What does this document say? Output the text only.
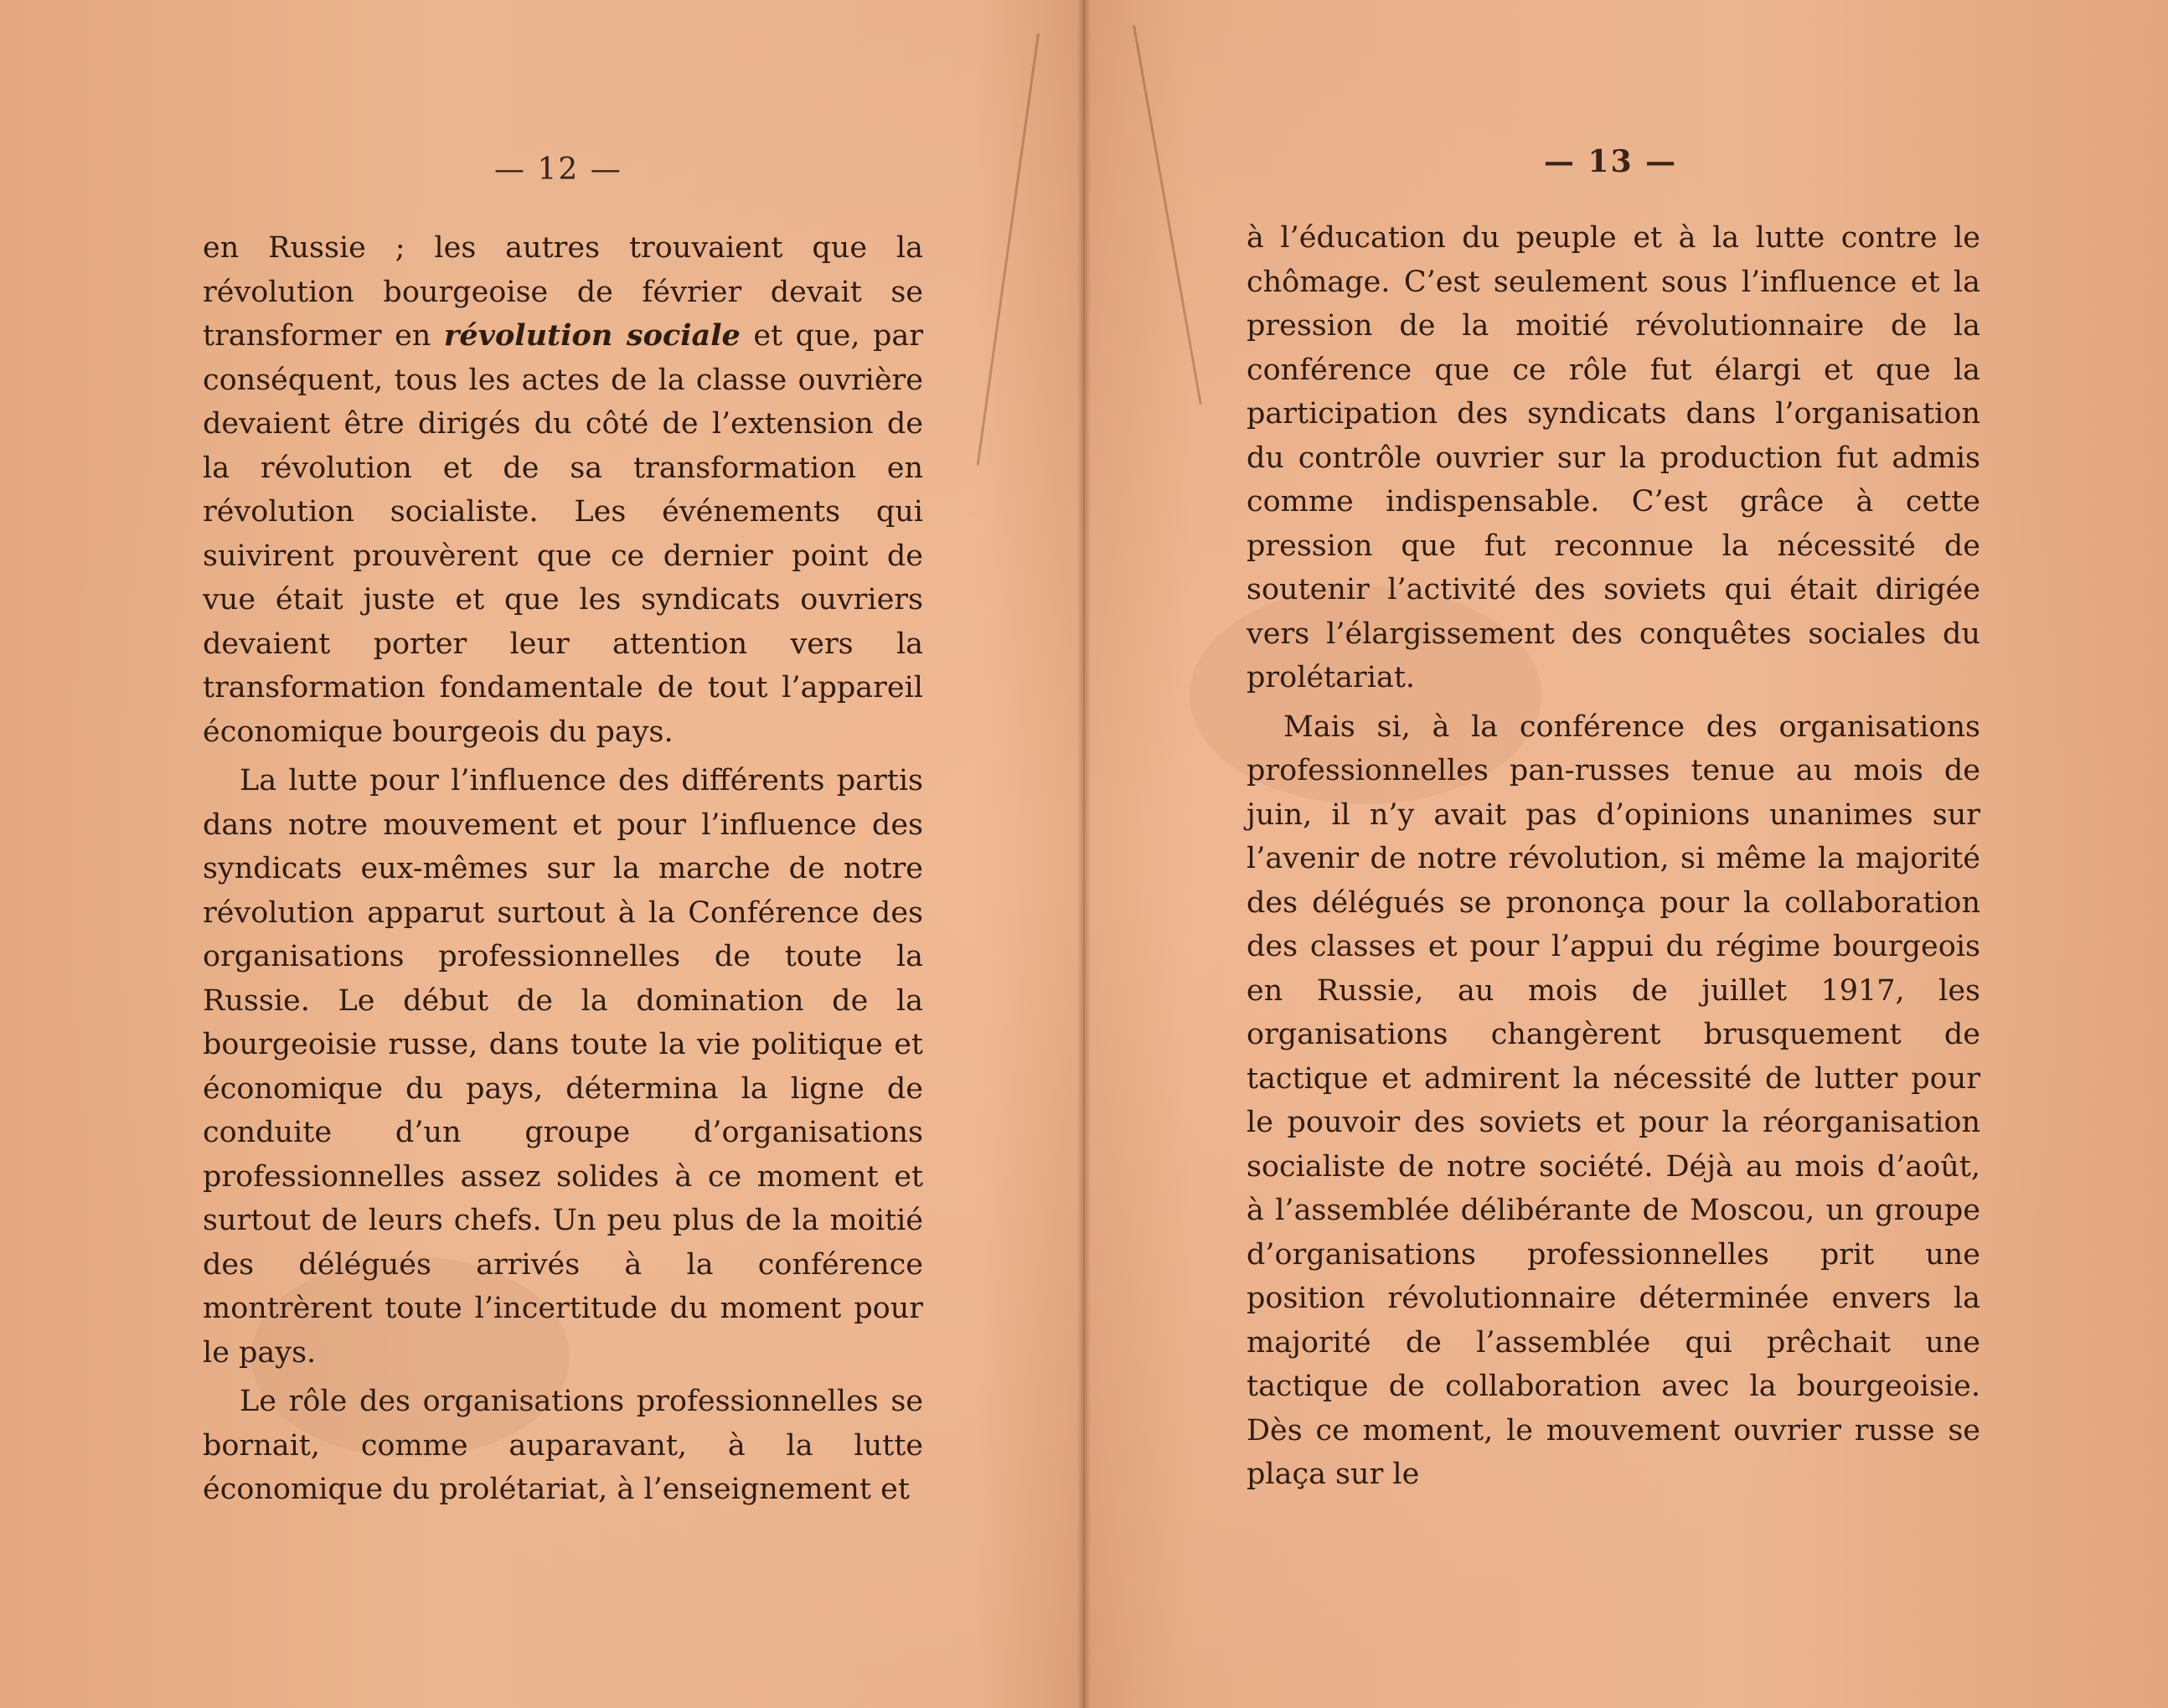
— 12 —

en Russie ; les autres trouvaient que la révolution bourgeoise de février devait se transformer en révolution sociale et que, par conséquent, tous les actes de la classe ouvrière devaient être dirigés du côté de l’extension de la révolution et de sa transformation en révolution socialiste. Les événements qui suivirent prouvèrent que ce dernier point de vue était juste et que les syndicats ouvriers devaient porter leur attention vers la transformation fondamentale de tout l’appareil économique bourgeois du pays.

La lutte pour l’influence des différents partis dans notre mouvement et pour l’influence des syndicats eux-mêmes sur la marche de notre révolution apparut surtout à la Conférence des organisations professionnelles de toute la Russie. Le début de la domination de la bourgeoisie russe, dans toute la vie politique et économique du pays, détermina la ligne de conduite d’un groupe d’organisations professionnelles assez solides à ce moment et surtout de leurs chefs. Un peu plus de la moitié des délégués arrivés à la conférence montrèrent toute l’incertitude du moment pour le pays.

Le rôle des organisations professionnelles se bornait, comme auparavant, à la lutte économique du prolétariat, à l’enseignement et

— 13 —

à l’éducation du peuple et à la lutte contre le chômage. C’est seulement sous l’influence et la pression de la moitié révolutionnaire de la conférence que ce rôle fut élargi et que la participation des syndicats dans l’organisation du contrôle ouvrier sur la production fut admis comme indispensable. C’est grâce à cette pression que fut reconnue la nécessité de soutenir l’activité des soviets qui était dirigée vers l’élargissement des conquêtes sociales du prolétariat.

Mais si, à la conférence des organisations professionnelles pan-russes tenue au mois de juin, il n’y avait pas d’opinions unanimes sur l’avenir de notre révolution, si même la majorité des délégués se prononça pour la collaboration des classes et pour l’appui du régime bourgeois en Russie, au mois de juillet 1917, les organisations changèrent brusquement de tactique et admirent la nécessité de lutter pour le pouvoir des soviets et pour la réorganisation socialiste de notre société. Déjà au mois d’août, à l’assemblée délibérante de Moscou, un groupe d’organisations professionnelles prit une position révolutionnaire déterminée envers la majorité de l’assemblée qui prêchait une tactique de collaboration avec la bourgeoisie. Dès ce moment, le mouvement ouvrier russe se plaça sur le
